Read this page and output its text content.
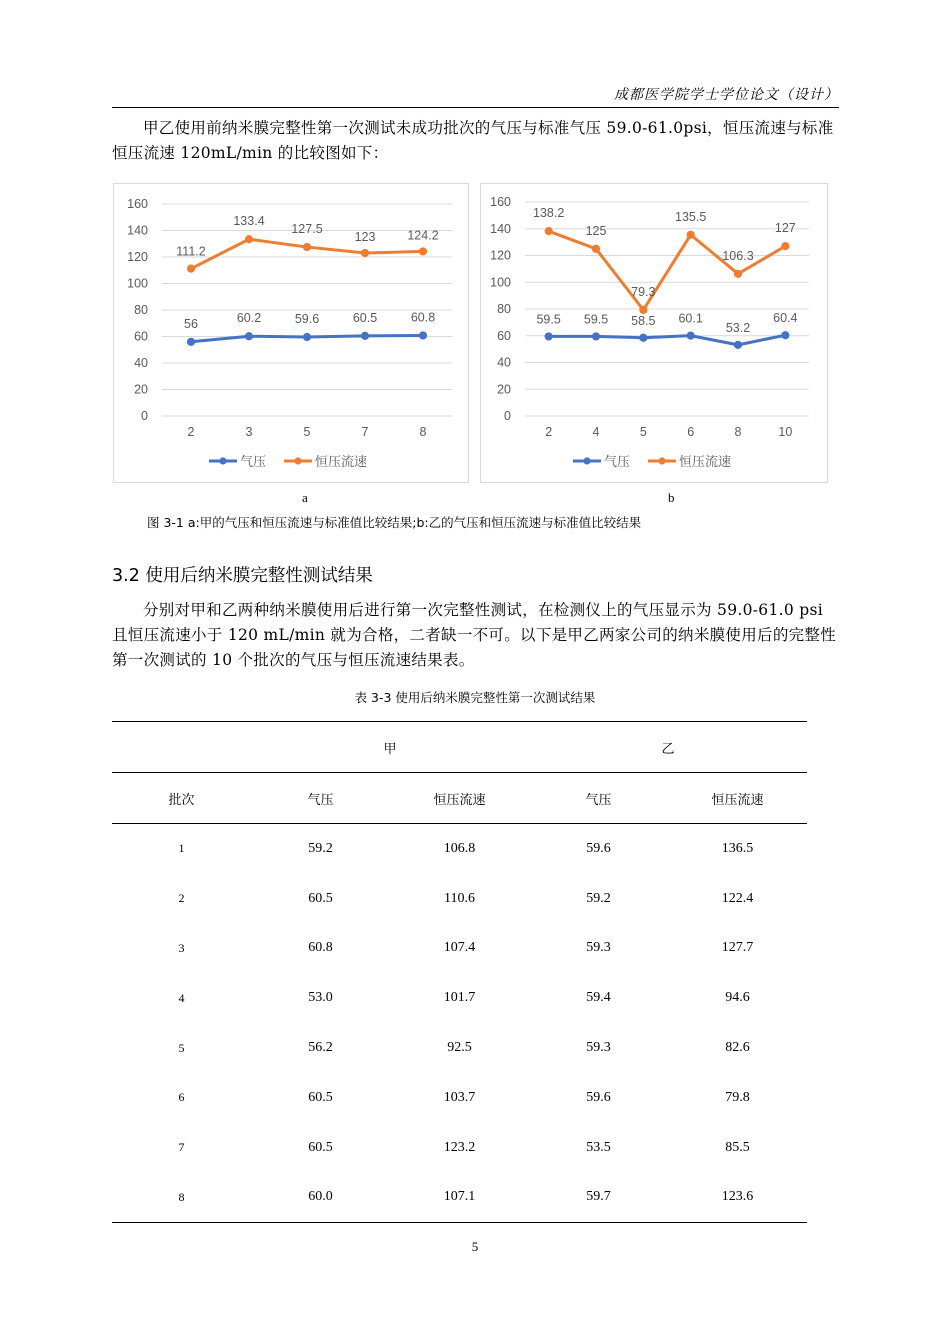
成都医学院学士学位论文（设计）
甲乙使用前纳米膜完整性第一次测试未成功批次的气压与标准气压 59.0-61.0psi，恒压流速与标准恒压流速 120mL/min 的比较图如下：
0
20
40
60
80
100
120
140
160
2	3	5	7	8
56	60.2	59.6	60.5	60.8
111.2
133.4
127.5
123	124.2
气压	恒压流速
0
20
40
60
80
100
120
140
160
2	4	5	6	8	10
59.5 59.5 58.5 60.1
53.2
60.4
138.2
125
79.3
135.5
106.3
127
气压	恒压流速
a	b
图 3-1 a:甲的气压和恒压流速与标准值比较结果;b:乙的气压和恒压流速与标准值比较结果
3.2 使用后纳米膜完整性测试结果
分别对甲和乙两种纳米膜使用后进行第一次完整性测试，在检测仪上的气压显示为 59.0-61.0 psi 且恒压流速小于 120 mL/min 就为合格，二者缺一不可。以下是甲乙两家公司的纳米膜使用后的完整性第一次测试的 10 个批次的气压与恒压流速结果表。
表 3-3 使用后纳米膜完整性第一次测试结果
	甲		乙	
批次	气压	恒压流速	气压	恒压流速
1	59.2	106.8	59.6	136.5
2	60.5	110.6	59.2	122.4
3	60.8	107.4	59.3	127.7
4	53.0	101.7	59.4	94.6
5	56.2	92.5	59.3	82.6
6	60.5	103.7	59.6	79.8
7	60.5	123.2	53.5	85.5
8	60.0	107.1	59.7	123.6
5
